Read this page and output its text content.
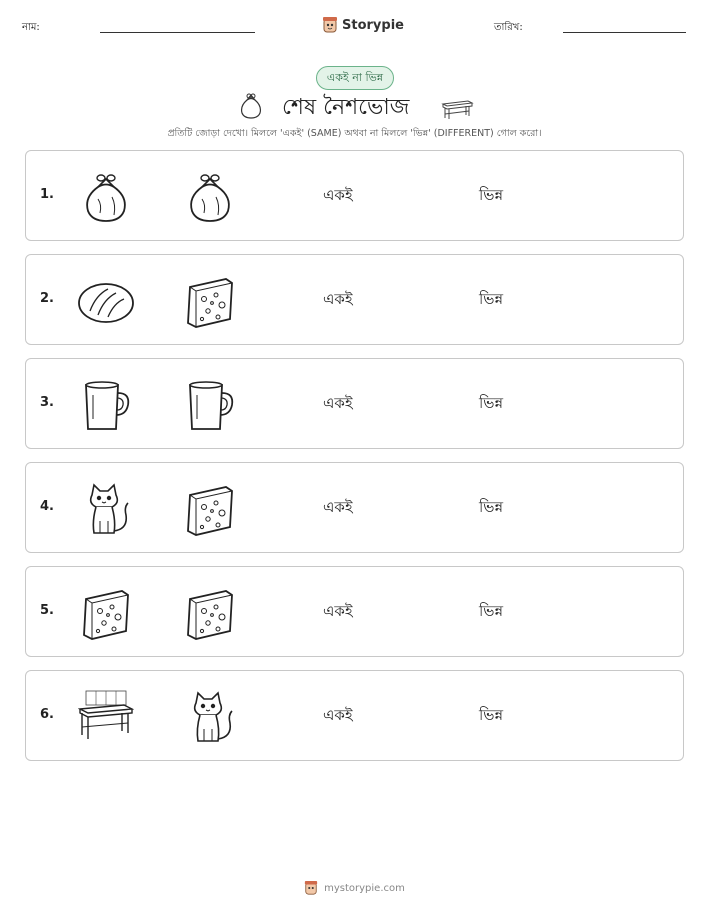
নাম:	Storypie	তারিখ:
একই না ভিন্ন
শেষ নৈশভোজ
প্রতিটি জোড়া দেখো। মিললে 'একই' (SAME) অথবা না মিললে 'ভিন্ন' (DIFFERENT) গোল করো।
1.	একই	ভিন্ন
2.	একই	ভিন্ন
3.	একই	ভিন্ন
4.	একই	ভিন্ন
5.	একই	ভিন্ন
6.	একই	ভিন্ন
mystorypie.com
